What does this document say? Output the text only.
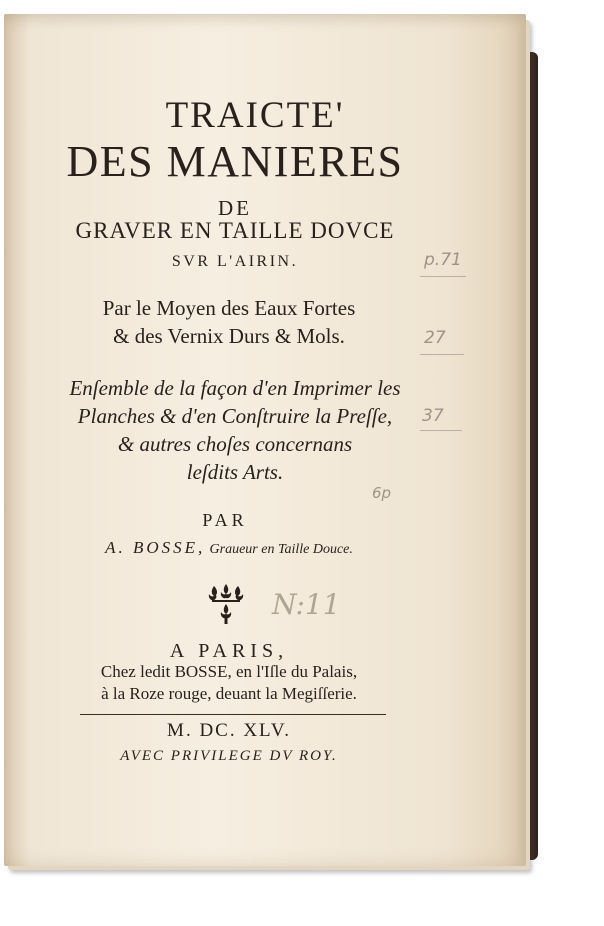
TRAICTE'
DES MANIERES
DE
GRAVER EN TAILLE DOVCE
SVR L'AIRIN.
Par le Moyen des Eaux Fortes
& des Vernix Durs & Mols.
Enſemble de la façon d'en Imprimer les
Planches & d'en Conſtruire la Preſſe,
& autres choſes concernans
leſdits Arts.
PAR
A. BOSSE, Graueur en Taille Douce.
A PARIS,
Chez ledit BOSSE, en l'Iſle du Palais,
à la Roze rouge, deuant la Megiſſerie.
M. DC. XLV.
AVEC PRIVILEGE DV ROY.
p.71
27
37
6p
N:11
